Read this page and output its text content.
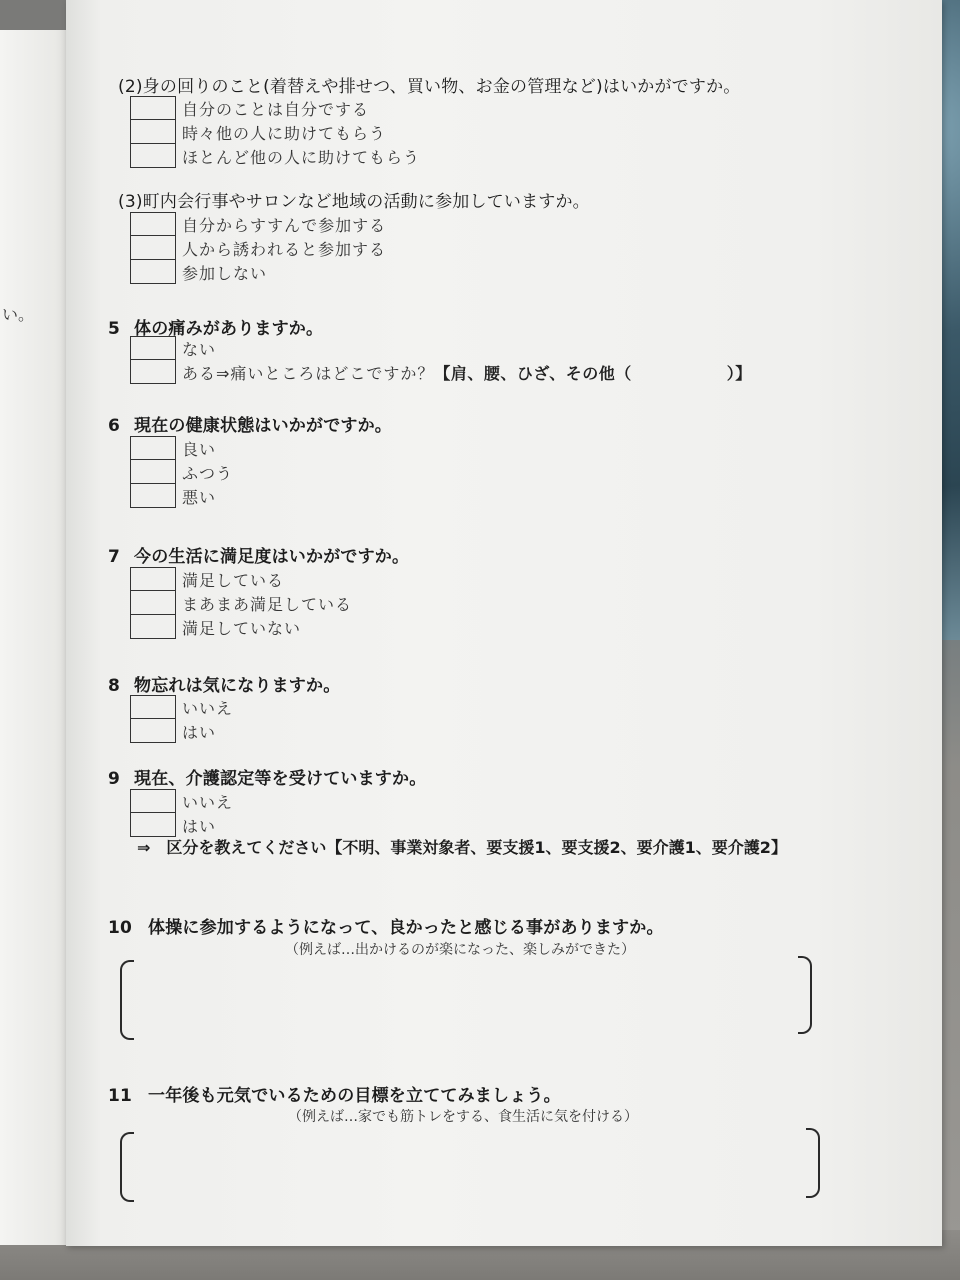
い。
(2)身の回りのこと(着替えや排せつ、買い物、お金の管理など)はいかがですか。
自分のことは自分でする
時々他の人に助けてもらう
ほとんど他の人に助けてもらう
(3)町内会行事やサロンなど地域の活動に参加していますか。
自分からすすんで参加する
人から誘われると参加する
参加しない
5 体の痛みがありますか。
ない
ある⇒痛いところはどこですか？【肩、腰、ひざ、その他（	）】
6 現在の健康状態はいかがですか。
良い
ふつう
悪い
7 今の生活に満足度はいかがですか。
満足している
まあまあ満足している
満足していない
8 物忘れは気になりますか。
いいえ
はい
9 現在、介護認定等を受けていますか。
いいえ
はい
⇒　区分を教えてください【不明、事業対象者、要支援1、要支援2、要介護1、要介護2】
10 体操に参加するようになって、良かったと感じる事がありますか。
（例えば…出かけるのが楽になった、楽しみができた）
11 一年後も元気でいるための目標を立ててみましょう。
（例えば…家でも筋トレをする、食生活に気を付ける）
